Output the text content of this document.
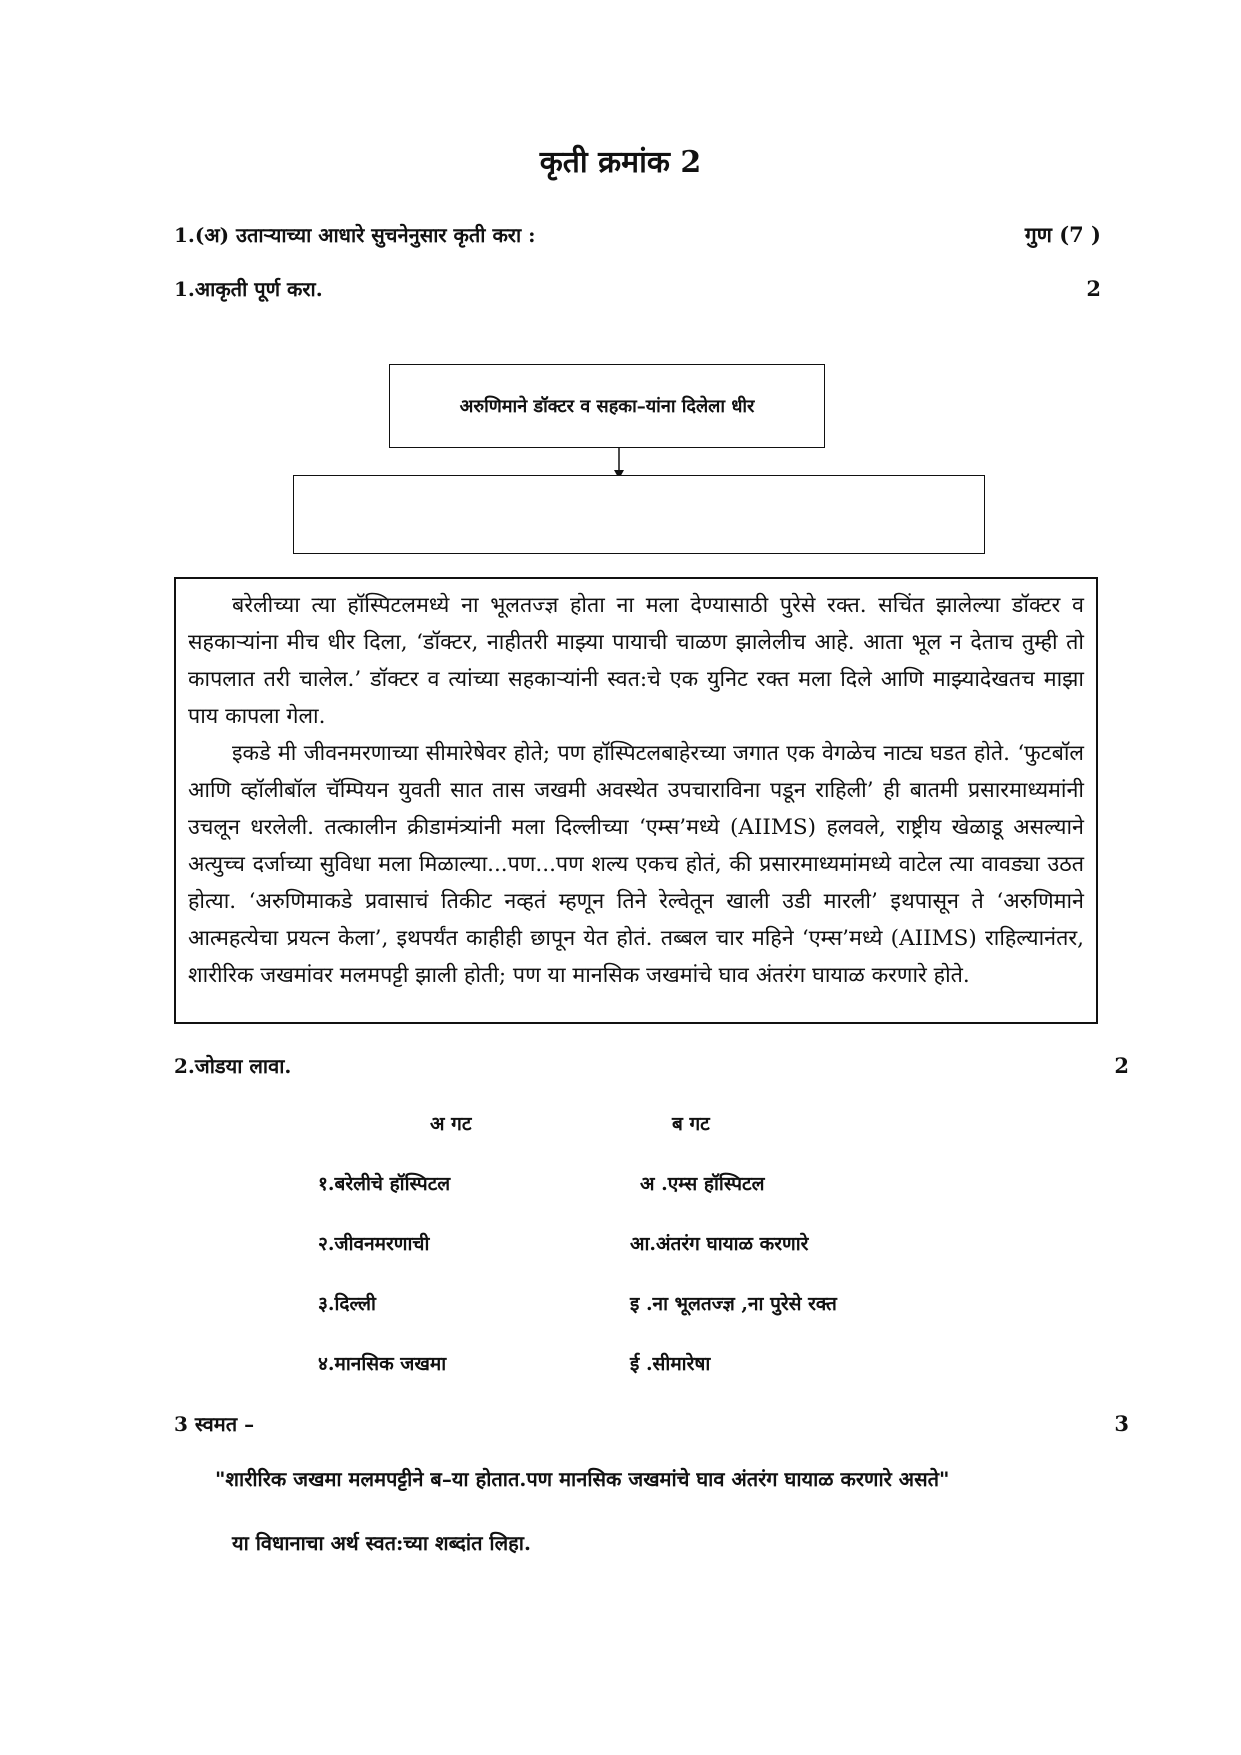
कृती क्रमांक 2
1.(अ) उताऱ्याच्या आधारे सुचनेनुसार कृती करा :	गुण (7 )
1.आकृती पूर्ण करा.	2
अरुणिमाने डॉक्टर व सहका–यांना दिलेला धीर

बरेलीच्या त्या हॉस्पिटलमध्ये ना भूलतज्ज्ञ होता ना मला देण्यासाठी पुरेसे रक्त. सचिंत झालेल्या डॉक्टर व सहकाऱ्यांना मीच धीर दिला, ‘डॉक्टर, नाहीतरी माझ्या पायाची चाळण झालेलीच आहे. आता भूल न देताच तुम्ही तो कापलात तरी चालेल.’ डॉक्टर व त्यांच्या सहकाऱ्यांनी स्वत:चे एक युनिट रक्त मला दिले आणि माझ्यादेखतच माझा पाय कापला गेला.

इकडे मी जीवनमरणाच्या सीमारेषेवर होते; पण हॉस्पिटलबाहेरच्या जगात एक वेगळेच नाट्य घडत होते. ‘फुटबॉल आणि व्हॉलीबॉल चॅम्पियन युवती सात तास जखमी अवस्थेत उपचाराविना पडून राहिली’ ही बातमी प्रसारमाध्यमांनी उचलून धरलेली. तत्कालीन क्रीडामंत्र्यांनी मला दिल्लीच्या ‘एम्स’मध्ये (AIIMS) हलवले, राष्ट्रीय खेळाडू असल्याने अत्युच्च दर्जाच्या सुविधा मला मिळाल्या...पण...पण शल्य एकच होतं, की प्रसारमाध्यमांमध्ये वाटेल त्या वावड्या उठत होत्या. ‘अरुणिमाकडे प्रवासाचं तिकीट नव्हतं म्हणून तिने रेल्वेतून खाली उडी मारली’ इथपासून ते ‘अरुणिमाने आत्महत्येचा प्रयत्न केला’, इथपर्यंत काहीही छापून येत होतं. तब्बल चार महिने ‘एम्स’मध्ये (AIIMS) राहिल्यानंतर, शारीरिक जखमांवर मलमपट्टी झाली होती; पण या मानसिक जखमांचे घाव अंतरंग घायाळ करणारे होते.

2.जोडया लावा.	2
अ गट	ब गट
१.बरेलीचे हॉस्पिटल	अ .एम्स हॉस्पिटल
२.जीवनमरणाची	आ.अंतरंग घायाळ करणारे
३.दिल्ली	इ .ना भूलतज्ज्ञ ,ना पुरेसे रक्त
४.मानसिक जखमा	ई .सीमारेषा
3 स्वमत –	3
"शारीरिक जखमा मलमपट्टीने ब–या होतात.पण मानसिक जखमांचे घाव अंतरंग घायाळ करणारे असते"
या विधानाचा अर्थ स्वत:च्या शब्दांत लिहा.
